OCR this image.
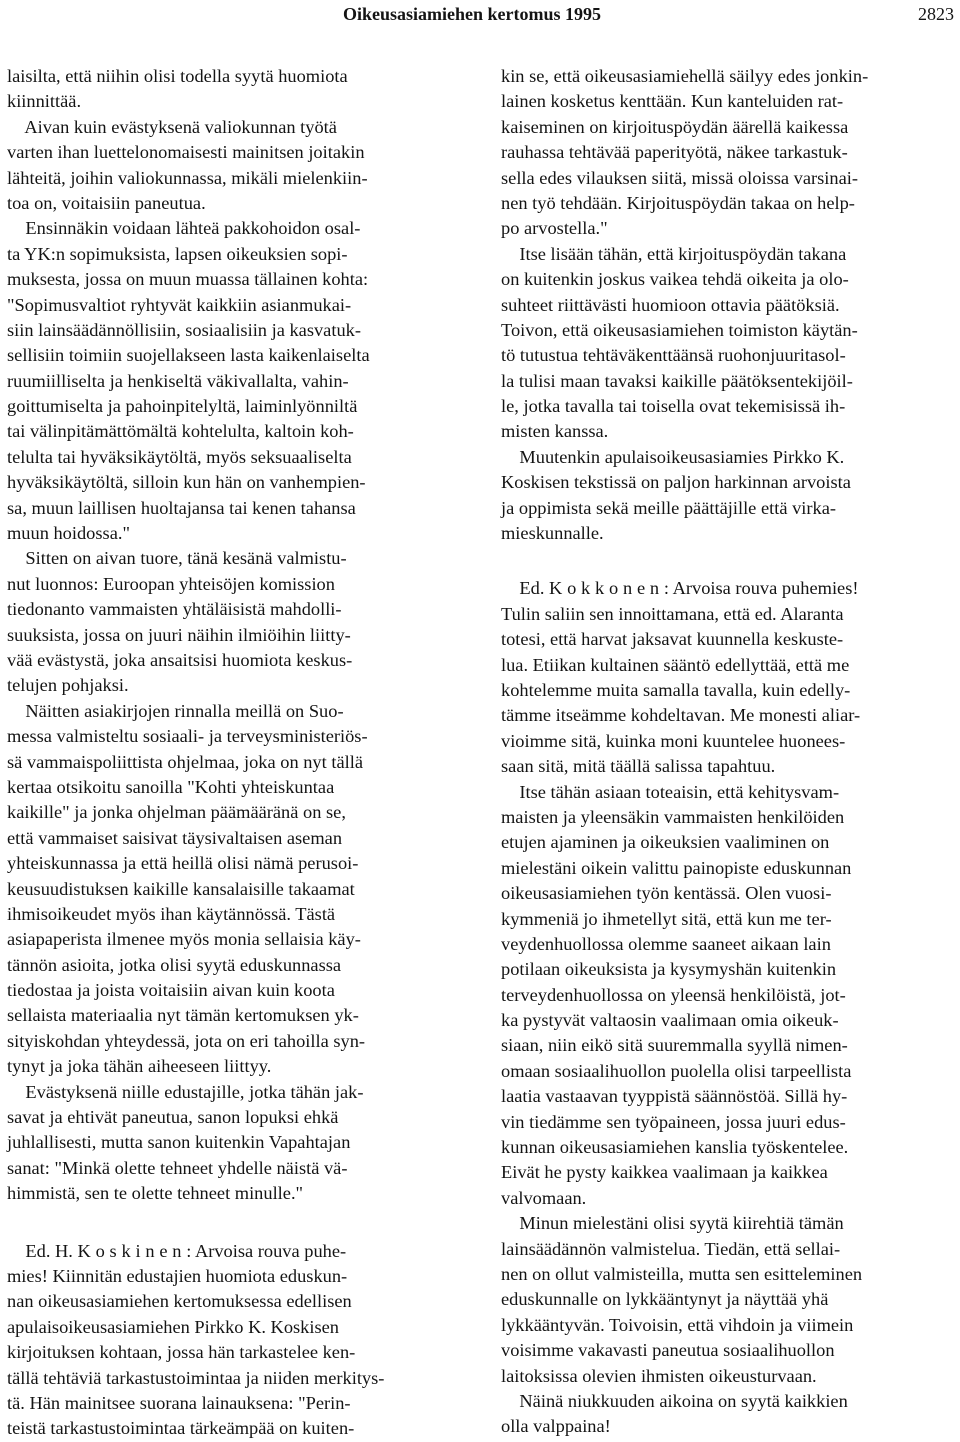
Oikeusasiamiehen kertomus 1995	2823
laisilta, että niihin olisi todella syytä huomiota
kiinnittää.
Aivan kuin evästyksenä valiokunnan työtä
varten ihan luettelonomaisesti mainitsen joitakin
lähteitä, joihin valiokunnassa, mikäli mielenkiin-
toa on, voitaisiin paneutua.
Ensinnäkin voidaan lähteä pakkohoidon osal-
ta YK:n sopimuksista, lapsen oikeuksien sopi-
muksesta, jossa on muun muassa tällainen kohta:
"Sopimusvaltiot ryhtyvät kaikkiin asianmukai-
siin lainsäädännöllisiin, sosiaalisiin ja kasvatuk-
sellisiin toimiin suojellakseen lasta kaikenlaiselta
ruumiilliselta ja henkiseltä väkivallalta, vahin-
goittumiselta ja pahoinpitelyltä, laiminlyönniltä
tai välinpitämättömältä kohtelulta, kaltoin koh-
telulta tai hyväksikäytöltä, myös seksuaaliselta
hyväksikäytöltä, silloin kun hän on vanhempien-
sa, muun laillisen huoltajansa tai kenen tahansa
muun hoidossa."
Sitten on aivan tuore, tänä kesänä valmistu-
nut luonnos: Euroopan yhteisöjen komission
tiedonanto vammaisten yhtäläisistä mahdolli-
suuksista, jossa on juuri näihin ilmiöihin liitty-
vää evästystä, joka ansaitsisi huomiota keskus-
telujen pohjaksi.
Näitten asiakirjojen rinnalla meillä on Suo-
messa valmisteltu sosiaali- ja terveysministeriös-
sä vammaispoliittista ohjelmaa, joka on nyt tällä
kertaa otsikoitu sanoilla "Kohti yhteiskuntaa
kaikille" ja jonka ohjelman päämääränä on se,
että vammaiset saisivat täysivaltaisen aseman
yhteiskunnassa ja että heillä olisi nämä perusoi-
keusuudistuksen kaikille kansalaisille takaamat
ihmisoikeudet myös ihan käytännössä. Tästä
asiapaperista ilmenee myös monia sellaisia käy-
tännön asioita, jotka olisi syytä eduskunnassa
tiedostaa ja joista voitaisiin aivan kuin koota
sellaista materiaalia nyt tämän kertomuksen yk-
sityiskohdan yhteydessä, jota on eri tahoilla syn-
tynyt ja joka tähän aiheeseen liittyy.
Evästyksenä niille edustajille, jotka tähän jak-
savat ja ehtivät paneutua, sanon lopuksi ehkä
juhlallisesti, mutta sanon kuitenkin Vapahtajan
sanat: "Minkä olette tehneet yhdelle näistä vä-
himmistä, sen te olette tehneet minulle."
Ed. H. Koskinen: Arvoisa rouva puhe-
mies! Kiinnitän edustajien huomiota eduskun-
nan oikeusasiamiehen kertomuksessa edellisen
apulaisoikeusasiamiehen Pirkko K. Koskisen
kirjoituksen kohtaan, jossa hän tarkastelee ken-
tällä tehtäviä tarkastustoimintaa ja niiden merkitys-
tä. Hän mainitsee suorana lainauksena: "Perin-
teistä tarkastustoimintaa tärkeämpää on kuiten-
kin se, että oikeusasiamiehellä säilyy edes jonkin-
lainen kosketus kenttään. Kun kanteluiden rat-
kaiseminen on kirjoituspöydän äärellä kaikessa
rauhassa tehtävää paperityötä, näkee tarkastuk-
sella edes vilauksen siitä, missä oloissa varsinai-
nen työ tehdään. Kirjoituspöydän takaa on help-
po arvostella."
Itse lisään tähän, että kirjoituspöydän takana
on kuitenkin joskus vaikea tehdä oikeita ja olo-
suhteet riittävästi huomioon ottavia päätöksiä.
Toivon, että oikeusasiamiehen toimiston käytän-
tö tutustua tehtäväkenttäänsä ruohonjuuritasol-
la tulisi maan tavaksi kaikille päätöksentekijöil-
le, jotka tavalla tai toisella ovat tekemisissä ih-
misten kanssa.
Muutenkin apulaisoikeusasiamies Pirkko K.
Koskisen tekstissä on paljon harkinnan arvoista
ja oppimista sekä meille päättäjille että virka-
mieskunnalle.
Ed. Kokkonen: Arvoisa rouva puhemies!
Tulin saliin sen innoittamana, että ed. Alaranta
totesi, että harvat jaksavat kuunnella keskuste-
lua. Etiikan kultainen sääntö edellyttää, että me
kohtelemme muita samalla tavalla, kuin edelly-
tämme itseämme kohdeltavan. Me monesti aliar-
vioimme sitä, kuinka moni kuuntelee huonees-
saan sitä, mitä täällä salissa tapahtuu.
Itse tähän asiaan toteaisin, että kehitysvam-
maisten ja yleensäkin vammaisten henkilöiden
etujen ajaminen ja oikeuksien vaaliminen on
mielestäni oikein valittu painopiste eduskunnan
oikeusasiamiehen työn kentässä. Olen vuosi-
kymmeniä jo ihmetellyt sitä, että kun me ter-
veydenhuollossa olemme saaneet aikaan lain
potilaan oikeuksista ja kysymyshän kuitenkin
terveydenhuollossa on yleensä henkilöistä, jot-
ka pystyvät valtaosin vaalimaan omia oikeuk-
siaan, niin eikö sitä suuremmalla syyllä nimen-
omaan sosiaalihuollon puolella olisi tarpeellista
laatia vastaavan tyyppistä säännöstöä. Sillä hy-
vin tiedämme sen työpaineen, jossa juuri edus-
kunnan oikeusasiamiehen kanslia työskentelee.
Eivät he pysty kaikkea vaalimaan ja kaikkea
valvomaan.
Minun mielestäni olisi syytä kiirehtiä tämän
lainsäädännön valmistelua. Tiedän, että sellai-
nen on ollut valmisteilla, mutta sen esitteleminen
eduskunnalle on lykkääntynyt ja näyttää yhä
lykkääntyvän. Toivoisin, että vihdoin ja viimein
voisimme vakavasti paneutua sosiaalihuollon
laitoksissa olevien ihmisten oikeusturvaan.
Näinä niukkuuden aikoina on syytä kaikkien
olla valppaina!
